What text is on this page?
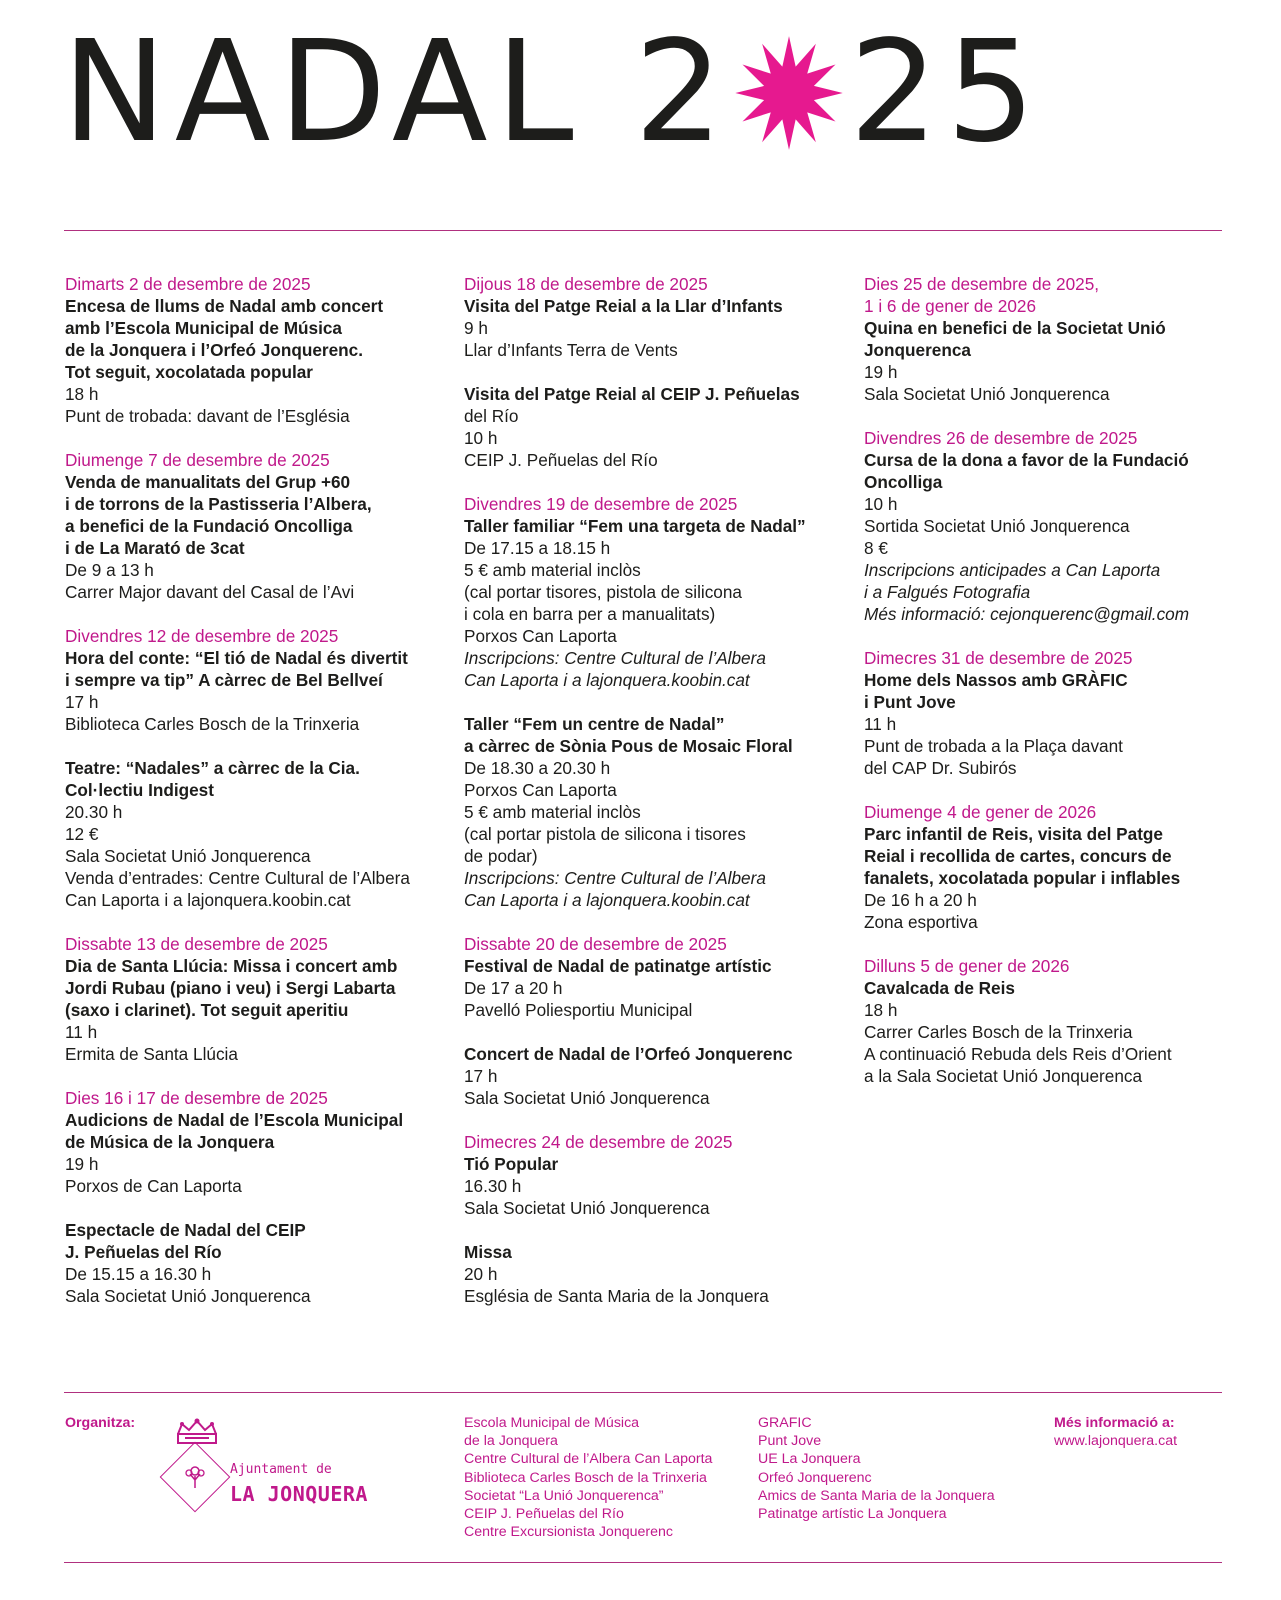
NADAL 2 25
Dimarts 2 de desembre de 2025
Encesa de llums de Nadal amb concert
amb l’Escola Municipal de Música
de la Jonquera i l’Orfeó Jonquerenc.
Tot seguit, xocolatada popular
18 h
Punt de trobada: davant de l’Església
Diumenge 7 de desembre de 2025
Venda de manualitats del Grup +60
i de torrons de la Pastisseria l’Albera,
a benefici de la Fundació Oncolliga
i de La Marató de 3cat
De 9 a 13 h
Carrer Major davant del Casal de l’Avi
Divendres 12 de desembre de 2025
Hora del conte: “El tió de Nadal és divertit
i sempre va tip” A càrrec de Bel Bellveí
17 h
Biblioteca Carles Bosch de la Trinxeria
Teatre: “Nadales” a càrrec de la Cia.
Col·lectiu Indigest
20.30 h
12 €
Sala Societat Unió Jonquerenca
Venda d’entrades: Centre Cultural de l’Albera
Can Laporta i a lajonquera.koobin.cat
Dissabte 13 de desembre de 2025
Dia de Santa Llúcia: Missa i concert amb
Jordi Rubau (piano i veu) i Sergi Labarta
(saxo i clarinet). Tot seguit aperitiu
11 h
Ermita de Santa Llúcia
Dies 16 i 17 de desembre de 2025
Audicions de Nadal de l’Escola Municipal
de Música de la Jonquera
19 h
Porxos de Can Laporta
Espectacle de Nadal del CEIP
J. Peñuelas del Río
De 15.15 a 16.30 h
Sala Societat Unió Jonquerenca
Dijous 18 de desembre de 2025
Visita del Patge Reial a la Llar d’Infants
9 h
Llar d’Infants Terra de Vents
Visita del Patge Reial al CEIP J. Peñuelas
del Río
10 h
CEIP J. Peñuelas del Río
Divendres 19 de desembre de 2025
Taller familiar “Fem una targeta de Nadal”
De 17.15 a 18.15 h
5 € amb material inclòs
(cal portar tisores, pistola de silicona
i cola en barra per a manualitats)
Porxos Can Laporta
Inscripcions: Centre Cultural de l’Albera
Can Laporta i a lajonquera.koobin.cat
Taller “Fem un centre de Nadal”
a càrrec de Sònia Pous de Mosaic Floral
De 18.30 a 20.30 h
Porxos Can Laporta
5 € amb material inclòs
(cal portar pistola de silicona i tisores
de podar)
Inscripcions: Centre Cultural de l’Albera
Can Laporta i a lajonquera.koobin.cat
Dissabte 20 de desembre de 2025
Festival de Nadal de patinatge artístic
De 17 a 20 h
Pavelló Poliesportiu Municipal
Concert de Nadal de l’Orfeó Jonquerenc
17 h
Sala Societat Unió Jonquerenca
Dimecres 24 de desembre de 2025
Tió Popular
16.30 h
Sala Societat Unió Jonquerenca
Missa
20 h
Església de Santa Maria de la Jonquera
Dies 25 de desembre de 2025,
1 i 6 de gener de 2026
Quina en benefici de la Societat Unió
Jonquerenca
19 h
Sala Societat Unió Jonquerenca
Divendres 26 de desembre de 2025
Cursa de la dona a favor de la Fundació
Oncolliga
10 h
Sortida Societat Unió Jonquerenca
8 €
Inscripcions anticipades a Can Laporta
i a Falgués Fotografia
Més informació: cejonquerenc@gmail.com
Dimecres 31 de desembre de 2025
Home dels Nassos amb GRÀFIC
i Punt Jove
11 h
Punt de trobada a la Plaça davant
del CAP Dr. Subirós
Diumenge 4 de gener de 2026
Parc infantil de Reis, visita del Patge
Reial i recollida de cartes, concurs de
fanalets, xocolatada popular i inflables
De 16 h a 20 h
Zona esportiva
Dilluns 5 de gener de 2026
Cavalcada de Reis
18 h
Carrer Carles Bosch de la Trinxeria
A continuació Rebuda dels Reis d’Orient
a la Sala Societat Unió Jonquerenca
Organitza:
Ajuntament de
LA JONQUERA
Escola Municipal de Música
de la Jonquera
Centre Cultural de l’Albera Can Laporta
Biblioteca Carles Bosch de la Trinxeria
Societat “La Unió Jonquerenca”
CEIP J. Peñuelas del Río
Centre Excursionista Jonquerenc
GRAFIC
Punt Jove
UE La Jonquera
Orfeó Jonquerenc
Amics de Santa Maria de la Jonquera
Patinatge artístic La Jonquera
Més informació a:
www.lajonquera.cat
